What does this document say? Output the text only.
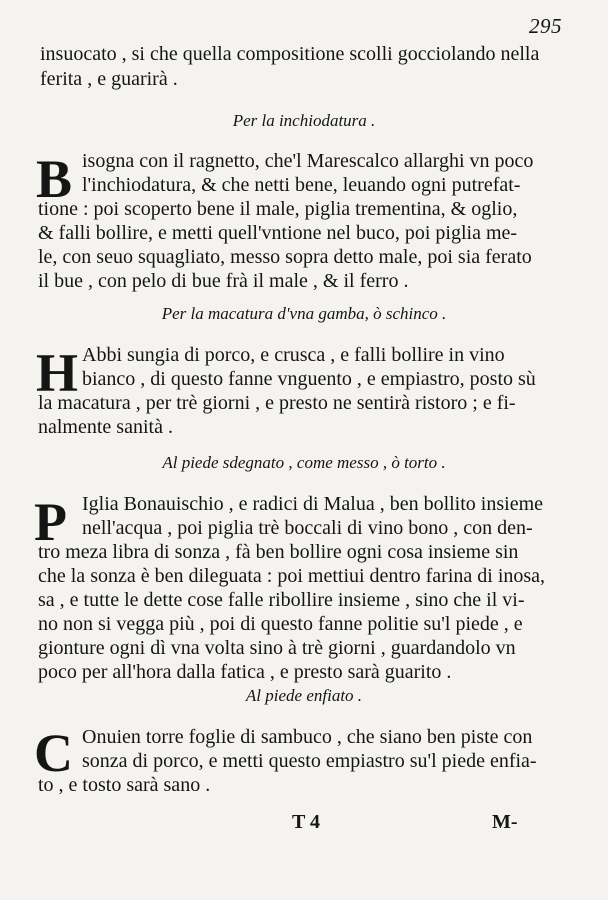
295
insuocato , si che quella compositione scolli gocciolando nella
ferita , e guarirà .
Per la inchiodatura .
B isogna con il ragnetto, che'l Marescalco allarghi vn poco
l'inchiodatura, & che netti bene, leuando ogni putrefat-
tione : poi scoperto bene il male, piglia trementina, & oglio,
& falli bollire, e metti quell'vntione nel buco, poi piglia me-
le, con seuo squagliato, messo sopra detto male, poi sia ferato
il bue , con pelo di bue frà il male , & il ferro .
Per la macatura d'vna gamba, ò schinco .
H Abbi sungia di porco, e crusca , e falli bollire in vino
bianco , di questo fanne vnguento , e empiastro, posto sù
la macatura , per trè giorni , e presto ne sentirà ristoro ; e fi-
nalmente sanità .
Al piede sdegnato , come messo , ò torto .
P Iglia Bonauischio , e radici di Malua , ben bollito insieme
nell'acqua , poi piglia trè boccali di vino bono , con den-
tro meza libra di sonza , fà ben bollire ogni cosa insieme sin
che la sonza è ben dileguata : poi mettiui dentro farina di inosa,
sa , e tutte le dette cose falle ribollire insieme , sino che il vi-
no non si vegga più , poi di questo fanne politie su'l piede , e
gionture ogni dì vna volta sino à trè giorni , guardandolo vn
poco per all'hora dalla fatica , e presto sarà guarito .
Al piede enfiato .
C Onuien torre foglie di sambuco , che siano ben piste con
sonza di porco, e metti questo empiastro su'l piede enfia-
to , e tosto sarà sano .
T 4	M-
